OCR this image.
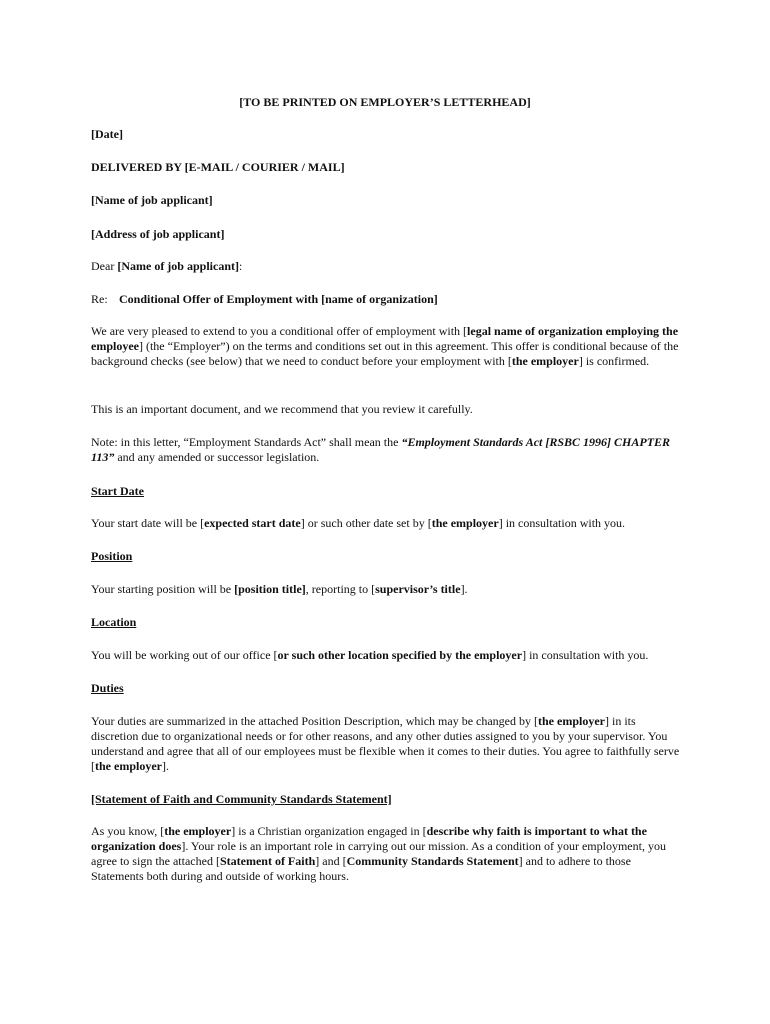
[TO BE PRINTED ON EMPLOYER’S LETTERHEAD]

[Date]

DELIVERED BY [E-MAIL / COURIER / MAIL]

[Name of job applicant]

[Address of job applicant]

Dear [Name of job applicant]:

Re: Conditional Offer of Employment with [name of organization]

We are very pleased to extend to you a conditional offer of employment with [legal name of organization employing the employee] (the “Employer”) on the terms and conditions set out in this agreement. This offer is conditional because of the background checks (see below) that we need to conduct before your employment with [the employer] is confirmed.

This is an important document, and we recommend that you review it carefully.

Note: in this letter, “Employment Standards Act” shall mean the “Employment Standards Act [RSBC 1996] CHAPTER 113” and any amended or successor legislation.

Start Date

Your start date will be [expected start date] or such other date set by [the employer] in consultation with you.

Position

Your starting position will be [position title], reporting to [supervisor’s title].

Location

You will be working out of our office [or such other location specified by the employer] in consultation with you.

Duties

Your duties are summarized in the attached Position Description, which may be changed by [the employer] in its discretion due to organizational needs or for other reasons, and any other duties assigned to you by your supervisor. You understand and agree that all of our employees must be flexible when it comes to their duties. You agree to faithfully serve [the employer].

[Statement of Faith and Community Standards Statement]

As you know, [the employer] is a Christian organization engaged in [describe why faith is important to what the organization does]. Your role is an important role in carrying out our mission. As a condition of your employment, you agree to sign the attached [Statement of Faith] and [Community Standards Statement] and to adhere to those Statements both during and outside of working hours.
